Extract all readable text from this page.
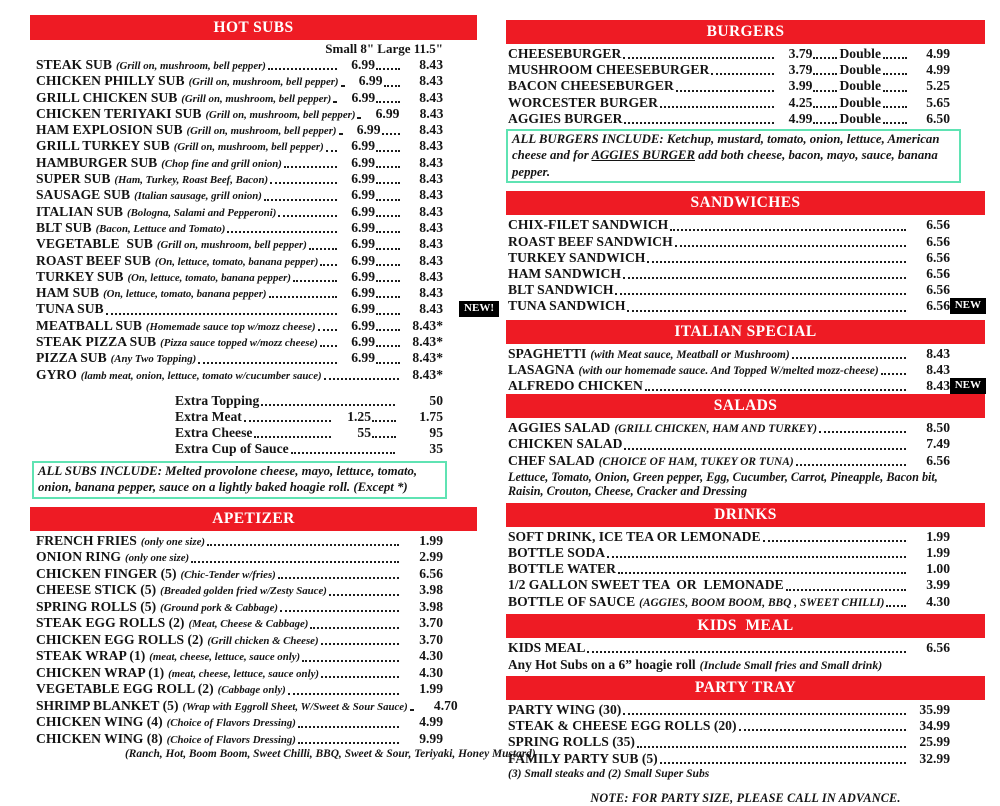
HOT SUBS
Small 8" Large 11.5"
STEAK SUB (Grill on, mushroom, bell pepper)	6.99	8.43
CHICKEN PHILLY SUB (Grill on, mushroom, bell pepper)	6.99	8.43
GRILL CHICKEN SUB (Grill on, mushroom, bell pepper)	6.99	8.43
CHICKEN TERIYAKI SUB (Grill on, mushroom, bell pepper)	6.99	8.43
HAM EXPLOSION SUB (Grill on, mushroom, bell pepper)	6.99	8.43
GRILL TURKEY SUB (Grill on, mushroom, bell pepper)	6.99	8.43
HAMBURGER SUB (Chop fine and grill onion)	6.99	8.43
SUPER SUB (Ham, Turkey, Roast Beef, Bacon)	6.99	8.43
SAUSAGE SUB (Italian sausage, grill onion)	6.99	8.43
ITALIAN SUB (Bologna, Salami and Pepperoni)	6.99	8.43
BLT SUB (Bacon, Lettuce and Tomato)	6.99	8.43
VEGETABLE  SUB (Grill on, mushroom, bell pepper)	6.99	8.43
ROAST BEEF SUB (On, lettuce, tomato, banana pepper)	6.99	8.43
TURKEY SUB (On, lettuce, tomato, banana pepper)	6.99	8.43
HAM SUB (On, lettuce, tomato, banana pepper)	6.99	8.43
TUNA SUB	6.99	8.43	NEW!
MEATBALL SUB (Homemade sauce top w/mozz cheese)	6.99	8.43*
STEAK PIZZA SUB (Pizza sauce topped w/mozz cheese)	6.99	8.43*
PIZZA SUB (Any Two Topping)	6.99	8.43*
GYRO (lamb meat, onion, lettuce, tomato w/cucumber sauce)	8.43*
Extra Topping	50
Extra Meat	1.25	1.75
Extra Cheese	55	95
Extra Cup of Sauce	35

ALL SUBS INCLUDE: Melted provolone cheese, mayo, lettuce, tomato, onion, banana pepper, sauce on a lightly baked hoagie roll. (Except *)

APETIZER
FRENCH FRIES (only one size)	1.99
ONION RING (only one size)	2.99
CHICKEN FINGER (5) (Chic-Tender w/fries)	6.56
CHEESE STICK (5) (Breaded golden fried w/Zesty Sauce)	3.98
SPRING ROLLS (5) (Ground pork & Cabbage)	3.98
STEAK EGG ROLLS (2) (Meat, Cheese & Cabbage)	3.70
CHICKEN EGG ROLLS (2) (Grill chicken & Cheese)	3.70
STEAK WRAP (1) (meat, cheese, lettuce, sauce only)	4.30
CHICKEN WRAP (1) (meat, cheese, lettuce, sauce only)	4.30
VEGETABLE EGG ROLL (2) (Cabbage only)	1.99
SHRIMP BLANKET (5) (Wrap with Eggroll Sheet, W/Sweet & Sour Sauce)	4.70
CHICKEN WING (4) (Choice of Flavors Dressing)	4.99
CHICKEN WING (8) (Choice of Flavors Dressing)	9.99

(Ranch, Hot, Boom Boom, Sweet Chilli, BBQ, Sweet & Sour, Teriyaki, Honey Mustard)

BURGERS
CHEESEBURGER	3.79 Double	4.99
MUSHROOM CHEESEBURGER	3.79 Double	4.99
BACON CHEESEBURGER	3.99 Double	5.25
WORCESTER BURGER	4.25 Double	5.65
AGGIES BURGER	4.99 Double	6.50

ALL BURGERS INCLUDE: Ketchup, mustard, tomato, onion, lettuce, American cheese and for AGGIES BURGER add both cheese, bacon, mayo, sauce, banana pepper.

SANDWICHES
CHIX-FILET SANDWICH	6.56
ROAST BEEF SANDWICH	6.56
TURKEY SANDWICH	6.56
HAM SANDWICH	6.56
BLT SANDWICH	6.56
TUNA SANDWICH	6.56 NEW
ITALIAN SPECIAL
SPAGHETTI (with Meat sauce, Meatball or Mushroom)	8.43
LASAGNA (with our homemade sauce. And Topped W/melted mozz-cheese)	8.43
ALFREDO CHICKEN	8.43 NEW
SALADS
AGGIES SALAD (GRILL CHICKEN, HAM AND TURKEY)	8.50
CHICKEN SALAD	7.49
CHEF SALAD (CHOICE OF HAM, TUKEY OR TUNA)	6.56

Lettuce, Tomato, Onion, Green pepper, Egg, Cucumber, Carrot, Pineapple, Bacon bit, Raisin, Crouton, Cheese, Cracker and Dressing

DRINKS
SOFT DRINK, ICE TEA OR LEMONADE	1.99
BOTTLE SODA	1.99
BOTTLE WATER	1.00
1/2 GALLON SWEET TEA  OR  LEMONADE	3.99
BOTTLE OF SAUCE (AGGIES, BOOM BOOM, BBQ , SWEET CHILLI)	4.30
KIDS  MEAL
KIDS MEAL	6.56

Any Hot Subs on a 6” hoagie roll (Include Small fries and Small drink)

PARTY TRAY
PARTY WING (30)	35.99
STEAK & CHEESE EGG ROLLS (20)	34.99
SPRING ROLLS (35)	25.99
FAMILY PARTY SUB (5)	32.99

(3) Small steaks and (2) Small Super Subs

NOTE: FOR PARTY SIZE, PLEASE CALL IN ADVANCE.
